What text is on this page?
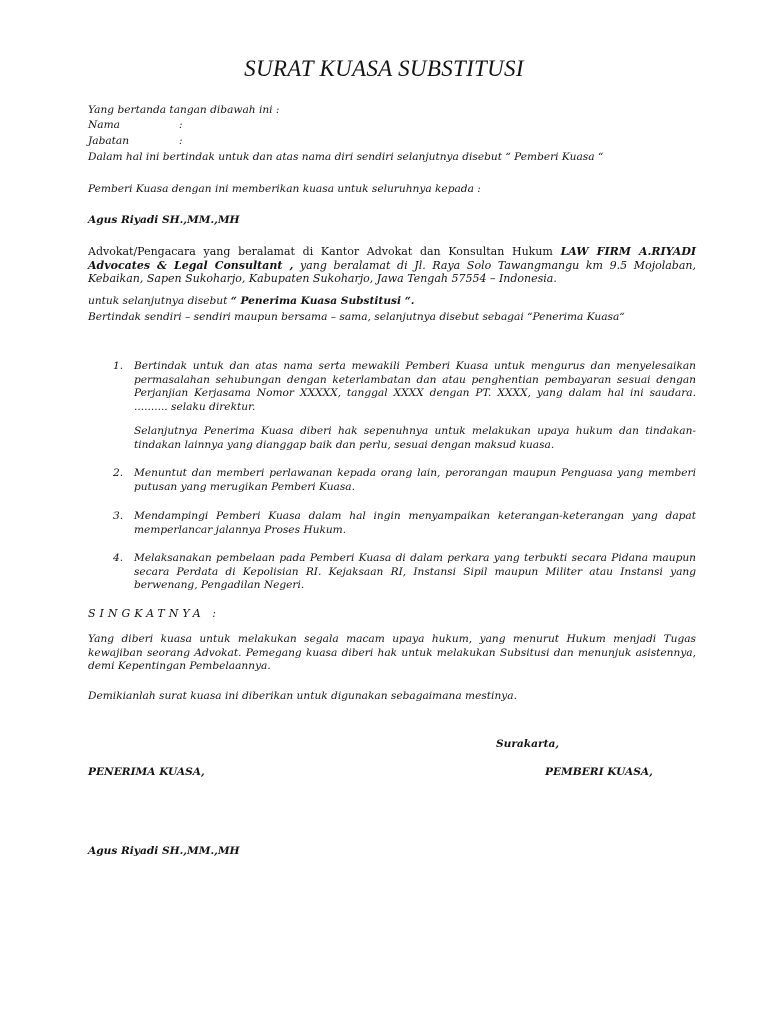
SURAT KUASA SUBSTITUSI
Yang bertanda tangan dibawah ini :
Nama	:
Jabatan	:
Dalam hal ini bertindak untuk dan atas nama diri sendiri selanjutnya disebut “ Pemberi Kuasa “
Pemberi Kuasa dengan ini memberikan kuasa untuk seluruhnya kepada :
Agus Riyadi SH.,MM.,MH
Advokat/Pengacara yang beralamat di Kantor Advokat dan Konsultan Hukum LAW FIRM A.RIYADI Advocates & Legal Consultant , yang beralamat di Jl. Raya Solo Tawangmangu km 9.5 Mojolaban, Kebaikan, Sapen Sukoharjo, Kabupaten Sukoharjo, Jawa Tengah 57554 – Indonesia.
untuk selanjutnya disebut “ Penerima Kuasa Substitusi “.
Bertindak sendiri – sendiri maupun bersama – sama, selanjutnya disebut sebagai “Penerima Kuasa“
1. Bertindak untuk dan atas nama serta mewakili Pemberi Kuasa untuk mengurus dan menyelesaikan permasalahan sehubungan dengan keterlambatan dan atau penghentian pembayaran sesuai dengan Perjanjian Kerjasama Nomor XXXXX, tanggal XXXX dengan PT. XXXX, yang dalam hal ini saudara. .......... selaku direktur.
Selanjutnya Penerima Kuasa diberi hak sepenuhnya untuk melakukan upaya hukum dan tindakan-tindakan lainnya yang dianggap baik dan perlu, sesuai dengan maksud kuasa.
2. Menuntut dan memberi perlawanan kepada orang lain, perorangan maupun Penguasa yang memberi putusan yang merugikan Pemberi Kuasa.
3. Mendampingi Pemberi Kuasa dalam hal ingin menyampaikan keterangan-keterangan yang dapat memperlancar jalannya Proses Hukum.
4. Melaksanakan pembelaan pada Pemberi Kuasa di dalam perkara yang terbukti secara Pidana maupun secara Perdata di Kepolisian RI. Kejaksaan RI, Instansi Sipil maupun Militer atau Instansi yang berwenang, Pengadilan Negeri.
SINGKATNYA :
Yang diberi kuasa untuk melakukan segala macam upaya hukum, yang menurut Hukum menjadi Tugas kewajiban seorang Advokat. Pemegang kuasa diberi hak untuk melakukan Subsitusi dan menunjuk asistennya, demi Kepentingan Pembelaannya.
Demikianlah surat kuasa ini diberikan untuk digunakan sebagaimana mestinya.
Surakarta,
PENERIMA KUASA,	PEMBERI KUASA,
Agus Riyadi SH.,MM.,MH
